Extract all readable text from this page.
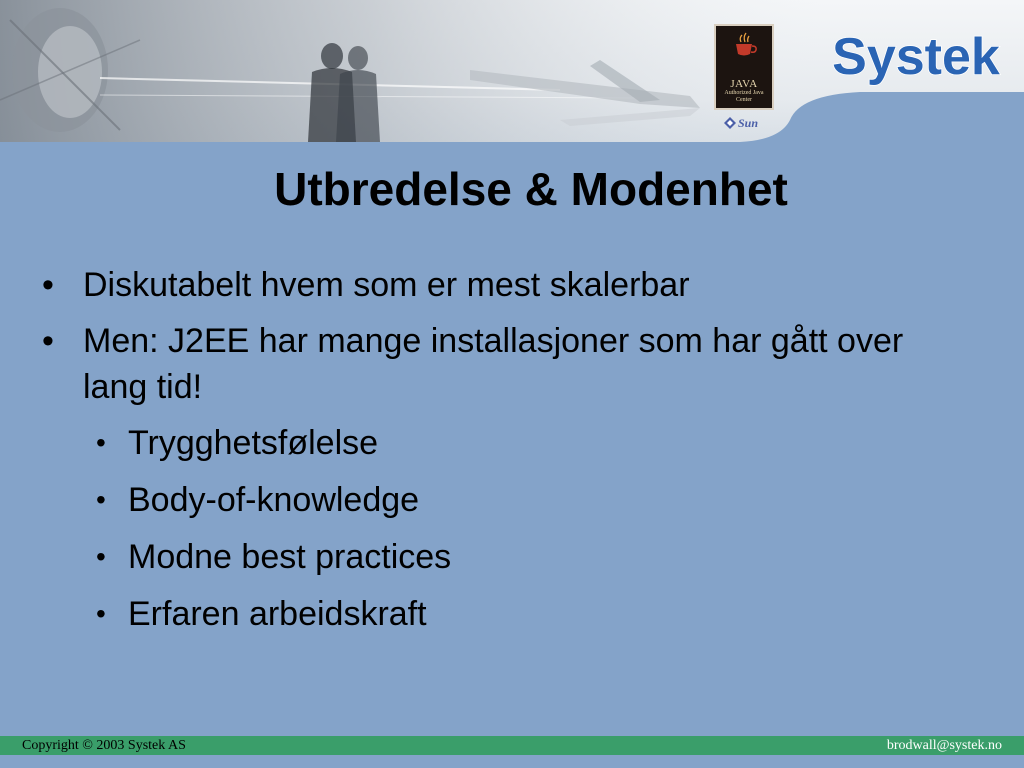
JAVA
Authorized Java Center
Sun
Systek
Utbredelse & Modenhet
• Diskutabelt hvem som er mest skalerbar
• Men: J2EE har mange installasjoner som har gått over lang tid!
• Trygghetsfølelse
• Body-of-knowledge
• Modne best practices
• Erfaren arbeidskraft
Copyright © 2003 Systek AS	brodwall@systek.no
